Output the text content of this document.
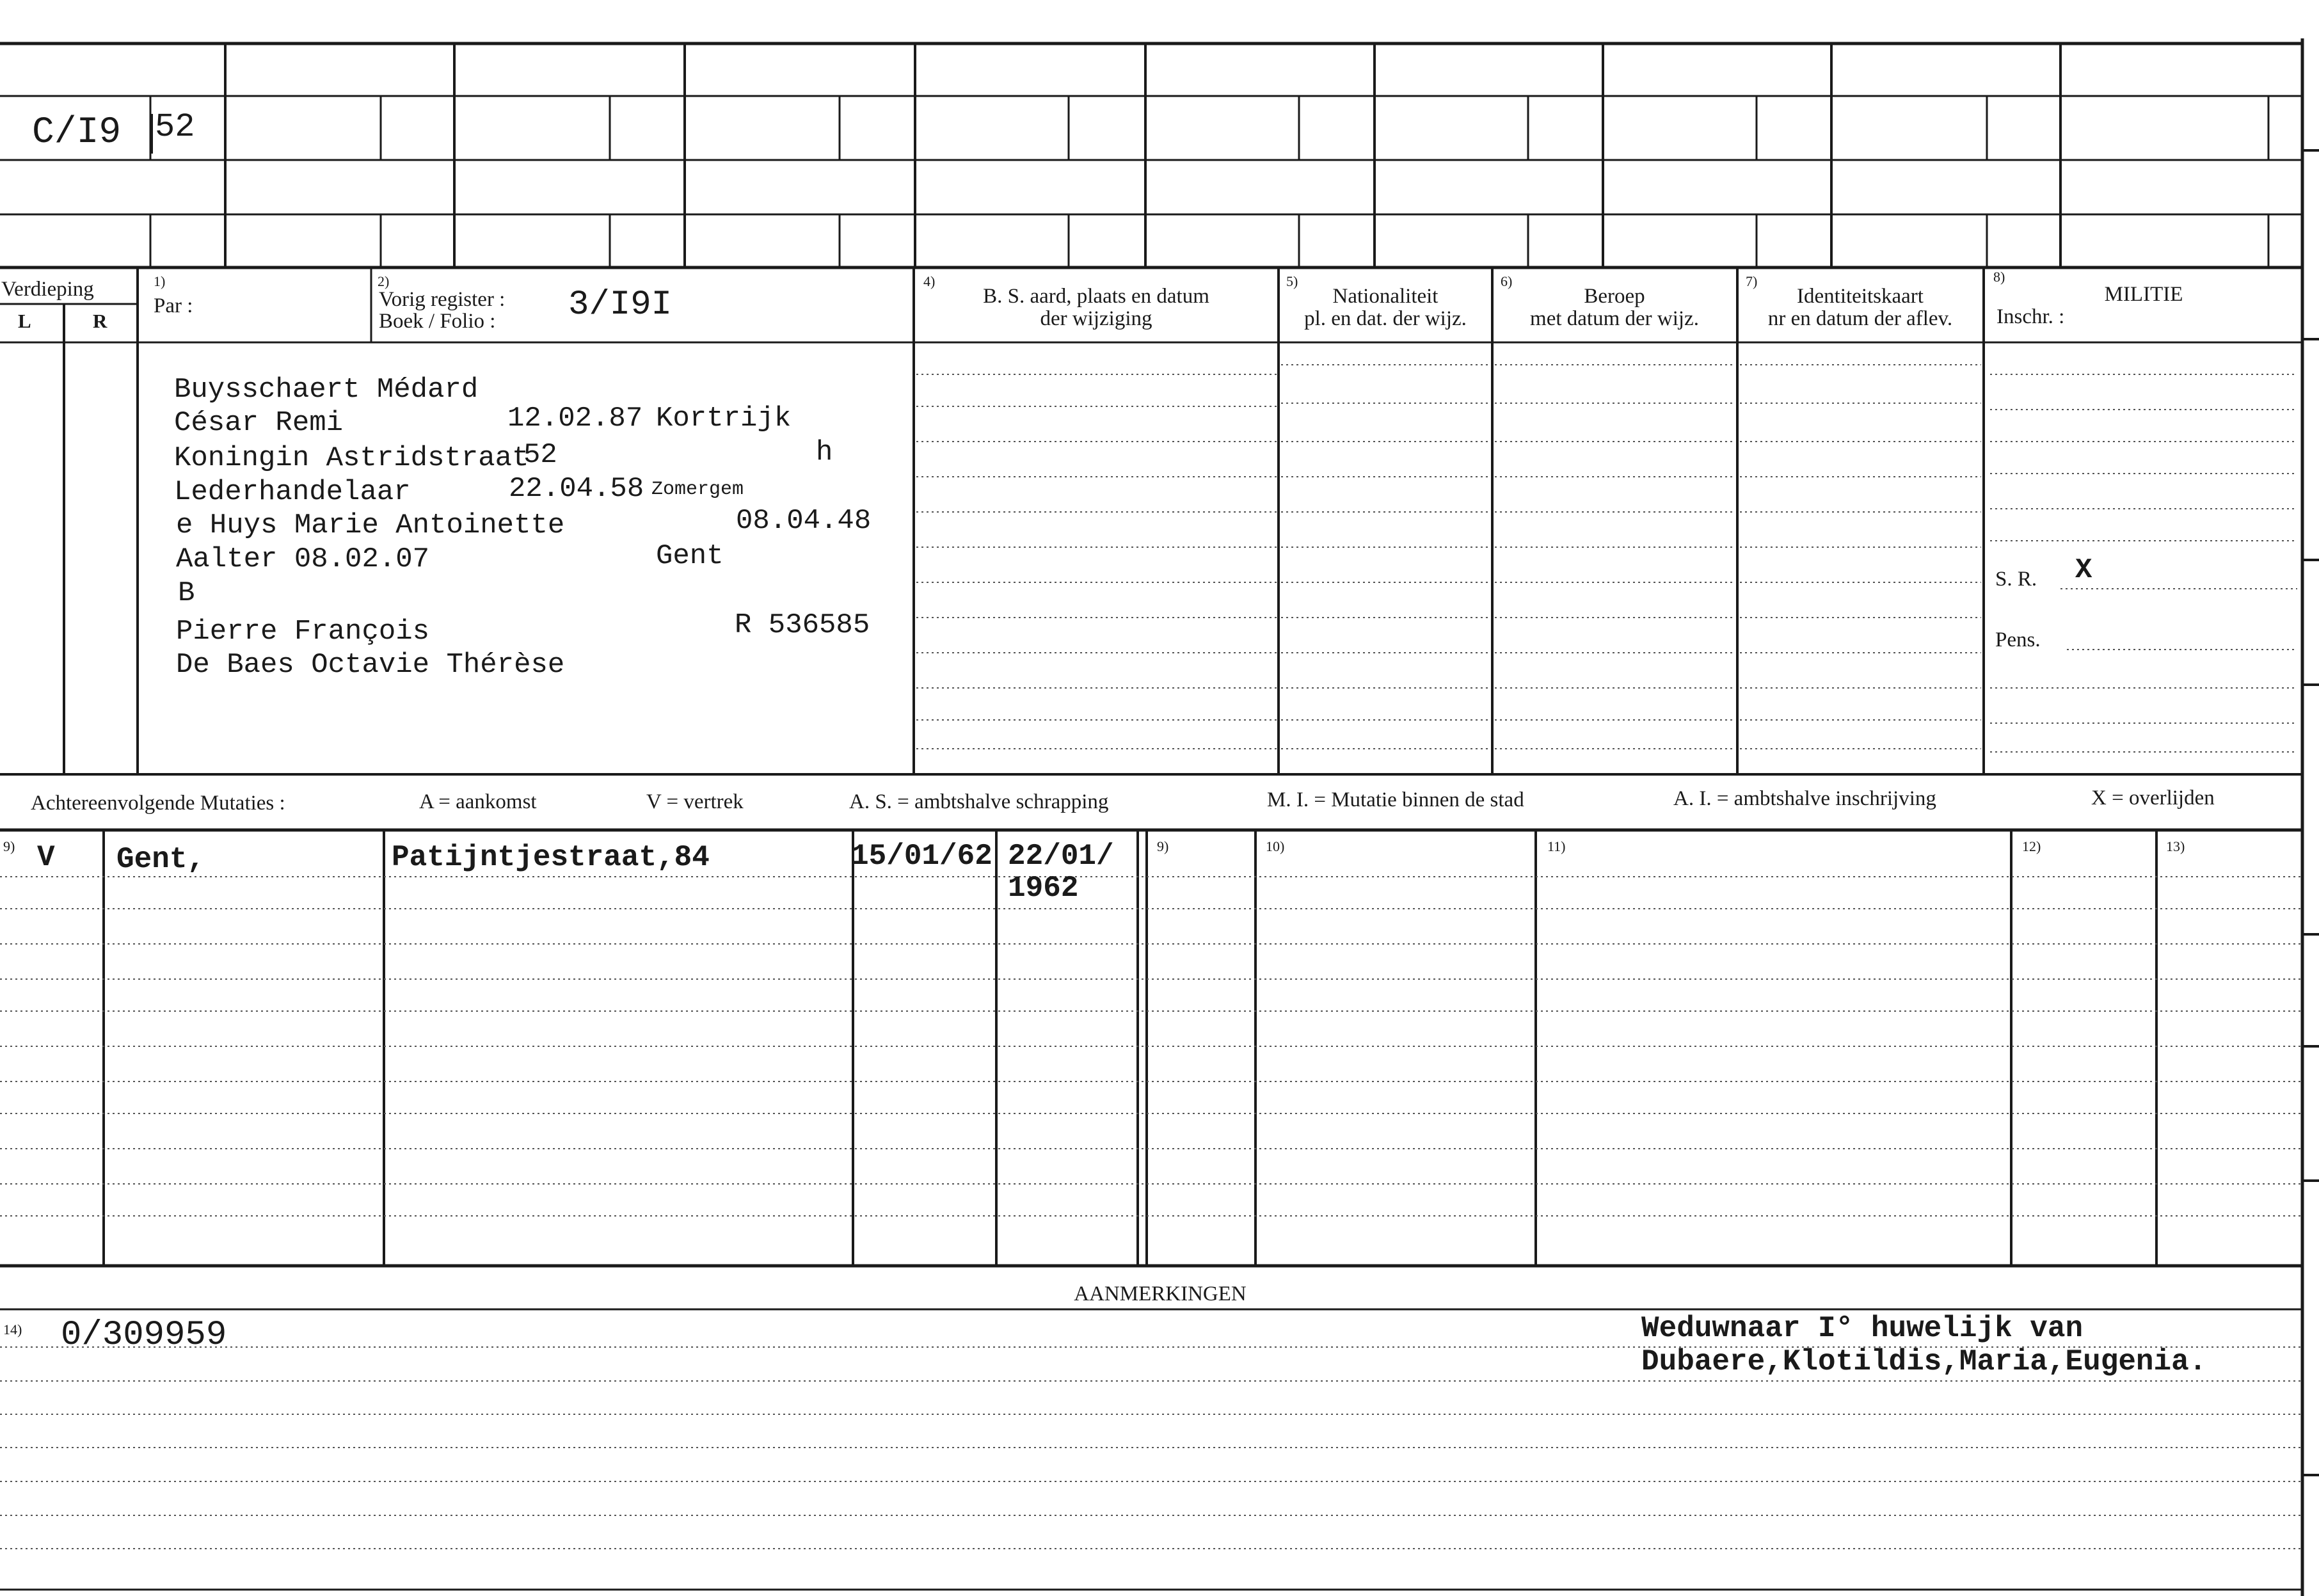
C/I9 52
Verdieping
L	R
1)
Par :
2)
Vorig register :
Boek / Folio : 3/I9I
4)
B. S. aard, plaats en datum
der wijziging
5)
Nationaliteit
pl. en dat. der wijz.
6)
Beroep
met datum der wijz.
7)
Identiteitskaart
nr en datum der aflev.
8)
MILITIE
Inschr. :
S. R. X
Pens.
Buysschaert Médard
César Remi	12.02.87 Kortrijk
Koningin Astridstraat
52	h
Lederhandelaar	22.04.58 Zomergem
e Huys Marie Antoinette	08.04.48
Aalter 08.02.07	Gent
B
Pierre François	R 536585
De Baes Octavie Thérèse
Achtereenvolgende Mutaties :	A = aankomst	V = vertrek	A. S. = ambtshalve schrapping	M. I. = Mutatie binnen de stad	A. I. = ambtshalve inschrijving	X = overlijden
9)	9)	10)	11)	12)	13)
V Gent,	Patijntjestraat,84	15/01/62 22/01/
1962
AANMERKINGEN
14) 0/309959	Weduwnaar I° huwelijk van
Dubaere,Klotildis,Maria,Eugenia.
